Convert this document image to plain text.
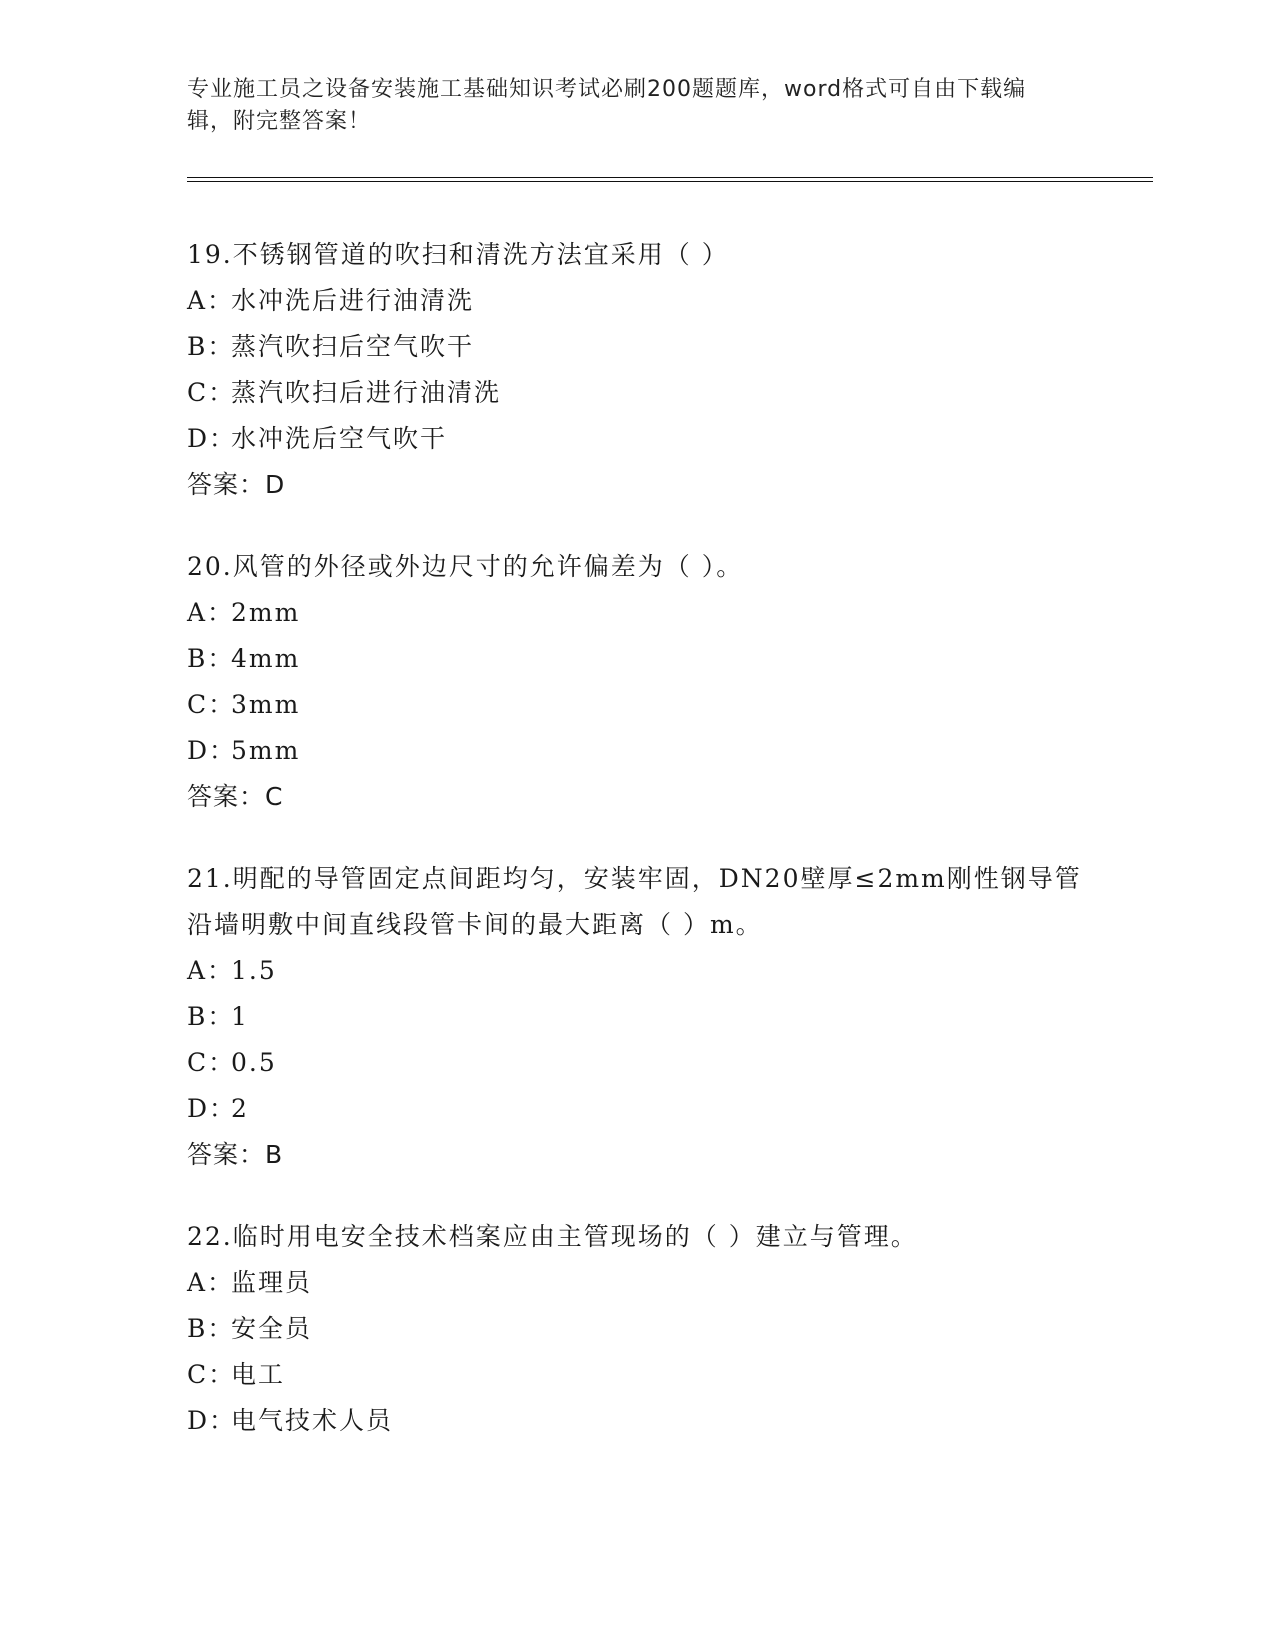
专业施工员之设备安装施工基础知识考试必刷200题题库，word格式可自由下载编辑，附完整答案！
19.不锈钢管道的吹扫和清洗方法宜采用（ ）
A：水冲洗后进行油清洗
B：蒸汽吹扫后空气吹干
C：蒸汽吹扫后进行油清洗
D：水冲洗后空气吹干
答案：D
20.风管的外径或外边尺寸的允许偏差为（ ）。
A：2mm
B：4mm
C：3mm
D：5mm
答案：C
21.明配的导管固定点间距均匀，安装牢固，DN20壁厚≤2mm刚性钢导管沿墙明敷中间直线段管卡间的最大距离（ ）m。
A：1.5
B：1
C：0.5
D：2
答案：B
22.临时用电安全技术档案应由主管现场的（ ）建立与管理。
A：监理员
B：安全员
C：电工
D：电气技术人员
